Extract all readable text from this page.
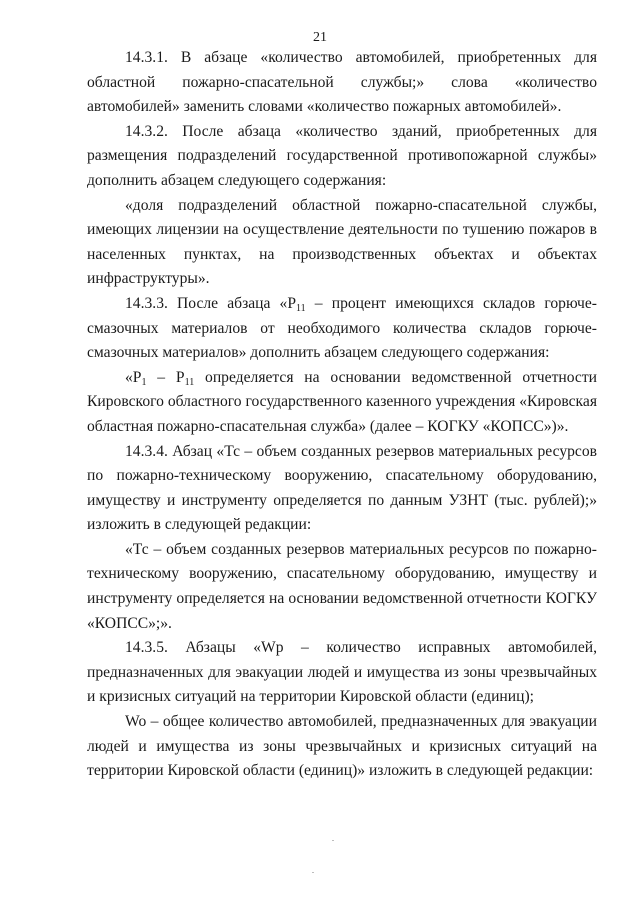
21

14.3.1. В абзаце «количество автомобилей, приобретенных для областной пожарно-спасательной службы;» слова «количество автомобилей» заменить словами «количество пожарных автомобилей».

14.3.2. После абзаца «количество зданий, приобретенных для размещения подразделений государственной противопожарной службы» дополнить абзацем следующего содержания:

«доля подразделений областной пожарно-спасательной службы, имеющих лицензии на осуществление деятельности по тушению пожаров в населенных пунктах, на производственных объектах и объектах инфраструктуры».

14.3.3. После абзаца «$Р_{11}$ – процент имеющихся складов горюче-смазочных материалов от необходимого количества складов горюче-смазочных материалов» дополнить абзацем следующего содержания:

«$Р_1 - Р_{11}$ определяется на основании ведомственной отчетности Кировского областного государственного казенного учреждения «Кировская областная пожарно-спасательная служба» (далее – КОГКУ «КОПСС»)».

14.3.4. Абзац «Тс – объем созданных резервов материальных ресурсов по пожарно-техническому вооружению, спасательному оборудованию, имуществу и инструменту определяется по данным УЗНТ (тыс. рублей);» изложить в следующей редакции:

«Тс – объем созданных резервов материальных ресурсов по пожарно-техническому вооружению, спасательному оборудованию, имуществу и инструменту определяется на основании ведомственной отчетности КОГКУ «КОПСС»;».

14.3.5. Абзацы «Wp – количество исправных автомобилей, предназначенных для эвакуации людей и имущества из зоны чрезвычайных и кризисных ситуаций на территории Кировской области (единиц);

Wo – общее количество автомобилей, предназначенных для эвакуации людей и имущества из зоны чрезвычайных и кризисных ситуаций на территории Кировской области (единиц)» изложить в следующей редакции:
